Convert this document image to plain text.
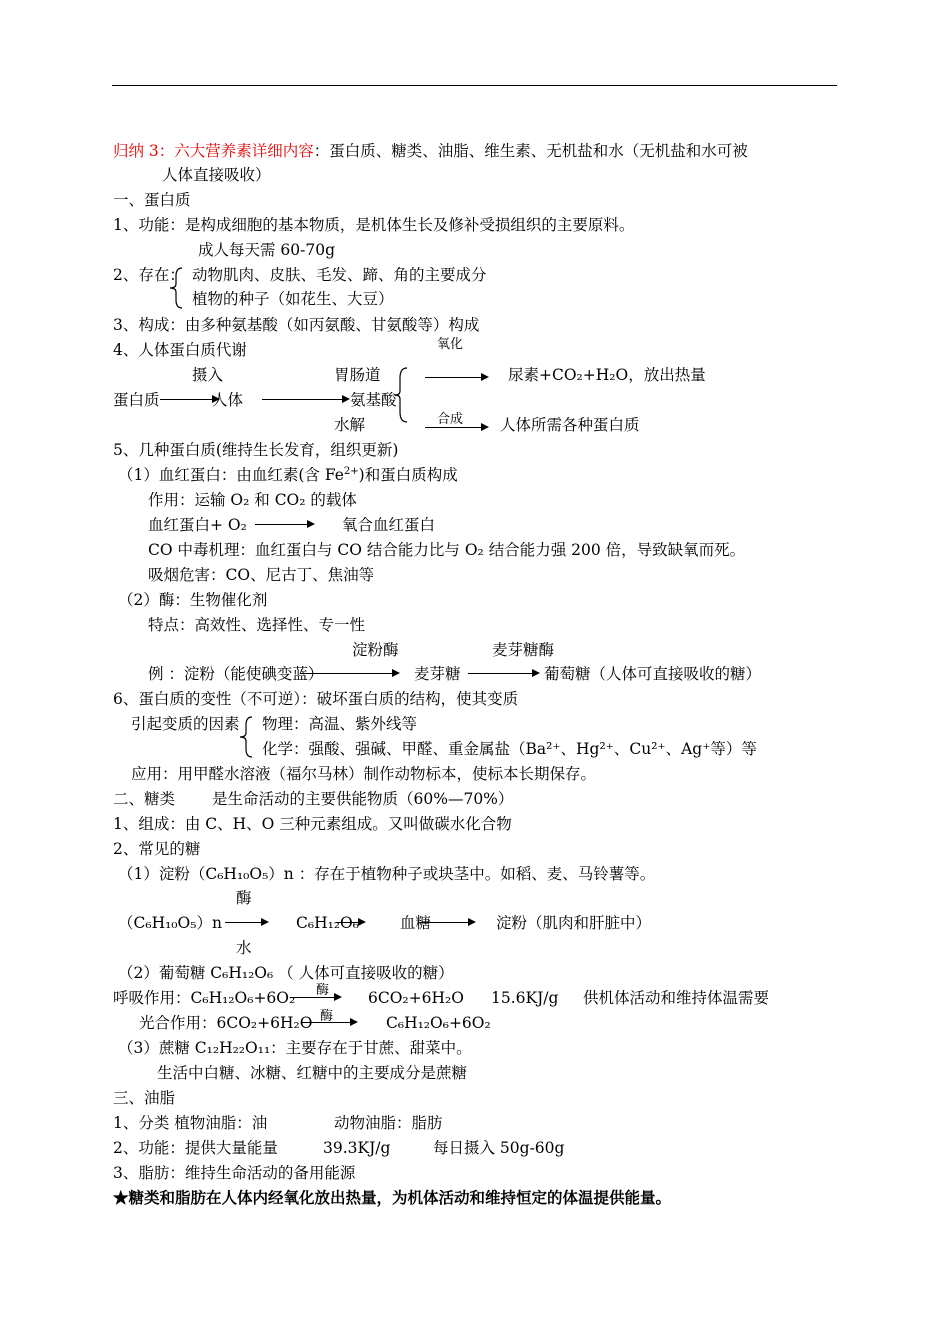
归纳 3：六大营养素详细内容：蛋白质、糖类、油脂、维生素、无机盐和水（无机盐和水可被
人体直接吸收）
一、蛋白质
1、功能：是构成细胞的基本物质，是机体生长及修补受损组织的主要原料。
成人每天需 60-70g
2、存在： 动物肌肉、皮肤、毛发、蹄、角的主要成分
植物的种子（如花生、大豆）
3、构成：由多种氨基酸（如丙氨酸、甘氨酸等）构成
4、人体蛋白质代谢	氧化
摄入	胃肠道	尿素+CO₂+H₂O，放出热量
蛋白质	人体	氨基酸
水解	合成 人体所需各种蛋白质
5、几种蛋白质(维持生长发育，组织更新)
（1）血红蛋白：由血红素(含 $Fe^{2+}$)和蛋白质构成
作用：运输 O₂ 和 CO₂ 的载体
血红蛋白+ O₂	氧合血红蛋白
CO 中毒机理：血红蛋白与 CO 结合能力比与 O₂ 结合能力强 200 倍，导致缺氧而死。
吸烟危害：CO、尼古丁、焦油等
（2）酶：生物催化剂
特点：高效性、选择性、专一性
淀粉酶	麦芽糖酶
例 ：淀粉（能使碘变蓝）	麦芽糖	葡萄糖（人体可直接吸收的糖）
6、蛋白质的变性（不可逆）：破坏蛋白质的结构，使其变质
引起变质的因素 物理：高温、紫外线等
化学：强酸、强碱、甲醛、重金属盐（Ba²⁺、Hg²⁺、Cu²⁺、Ag⁺等）等
应用：用甲醛水溶液（福尔马林）制作动物标本，使标本长期保存。
二、糖类 是生命活动的主要供能物质（60%—70%）
1、组成：由 C、H、O 三种元素组成。又叫做碳水化合物
2、常见的糖
（1）淀粉（C₆H₁₀O₅）n ：存在于植物种子或块茎中。如稻、麦、马铃薯等。
酶
（C₆H₁₀O₅）n	C₆H₁₂O₆	血糖	淀粉（肌肉和肝脏中）
水
（2）葡萄糖 C₆H₁₂O₆ （ 人体可直接吸收的糖）
呼吸作用：C₆H₁₂O₆+6O₂ 酶	6CO₂+6H₂O 15.6KJ/g 供机体活动和维持体温需要
光合作用：6CO₂+6H₂O 酶	C₆H₁₂O₆+6O₂
（3）蔗糖 C₁₂H₂₂O₁₁：主要存在于甘蔗、甜菜中。
生活中白糖、冰糖、红糖中的主要成分是蔗糖
三、油脂
1、分类 植物油脂：油	动物油脂：脂肪
2、功能：提供大量能量	39.3KJ/g	每日摄入 50g-60g
3、脂肪：维持生命活动的备用能源
★糖类和脂肪在人体内经氧化放出热量，为机体活动和维持恒定的体温提供能量。
